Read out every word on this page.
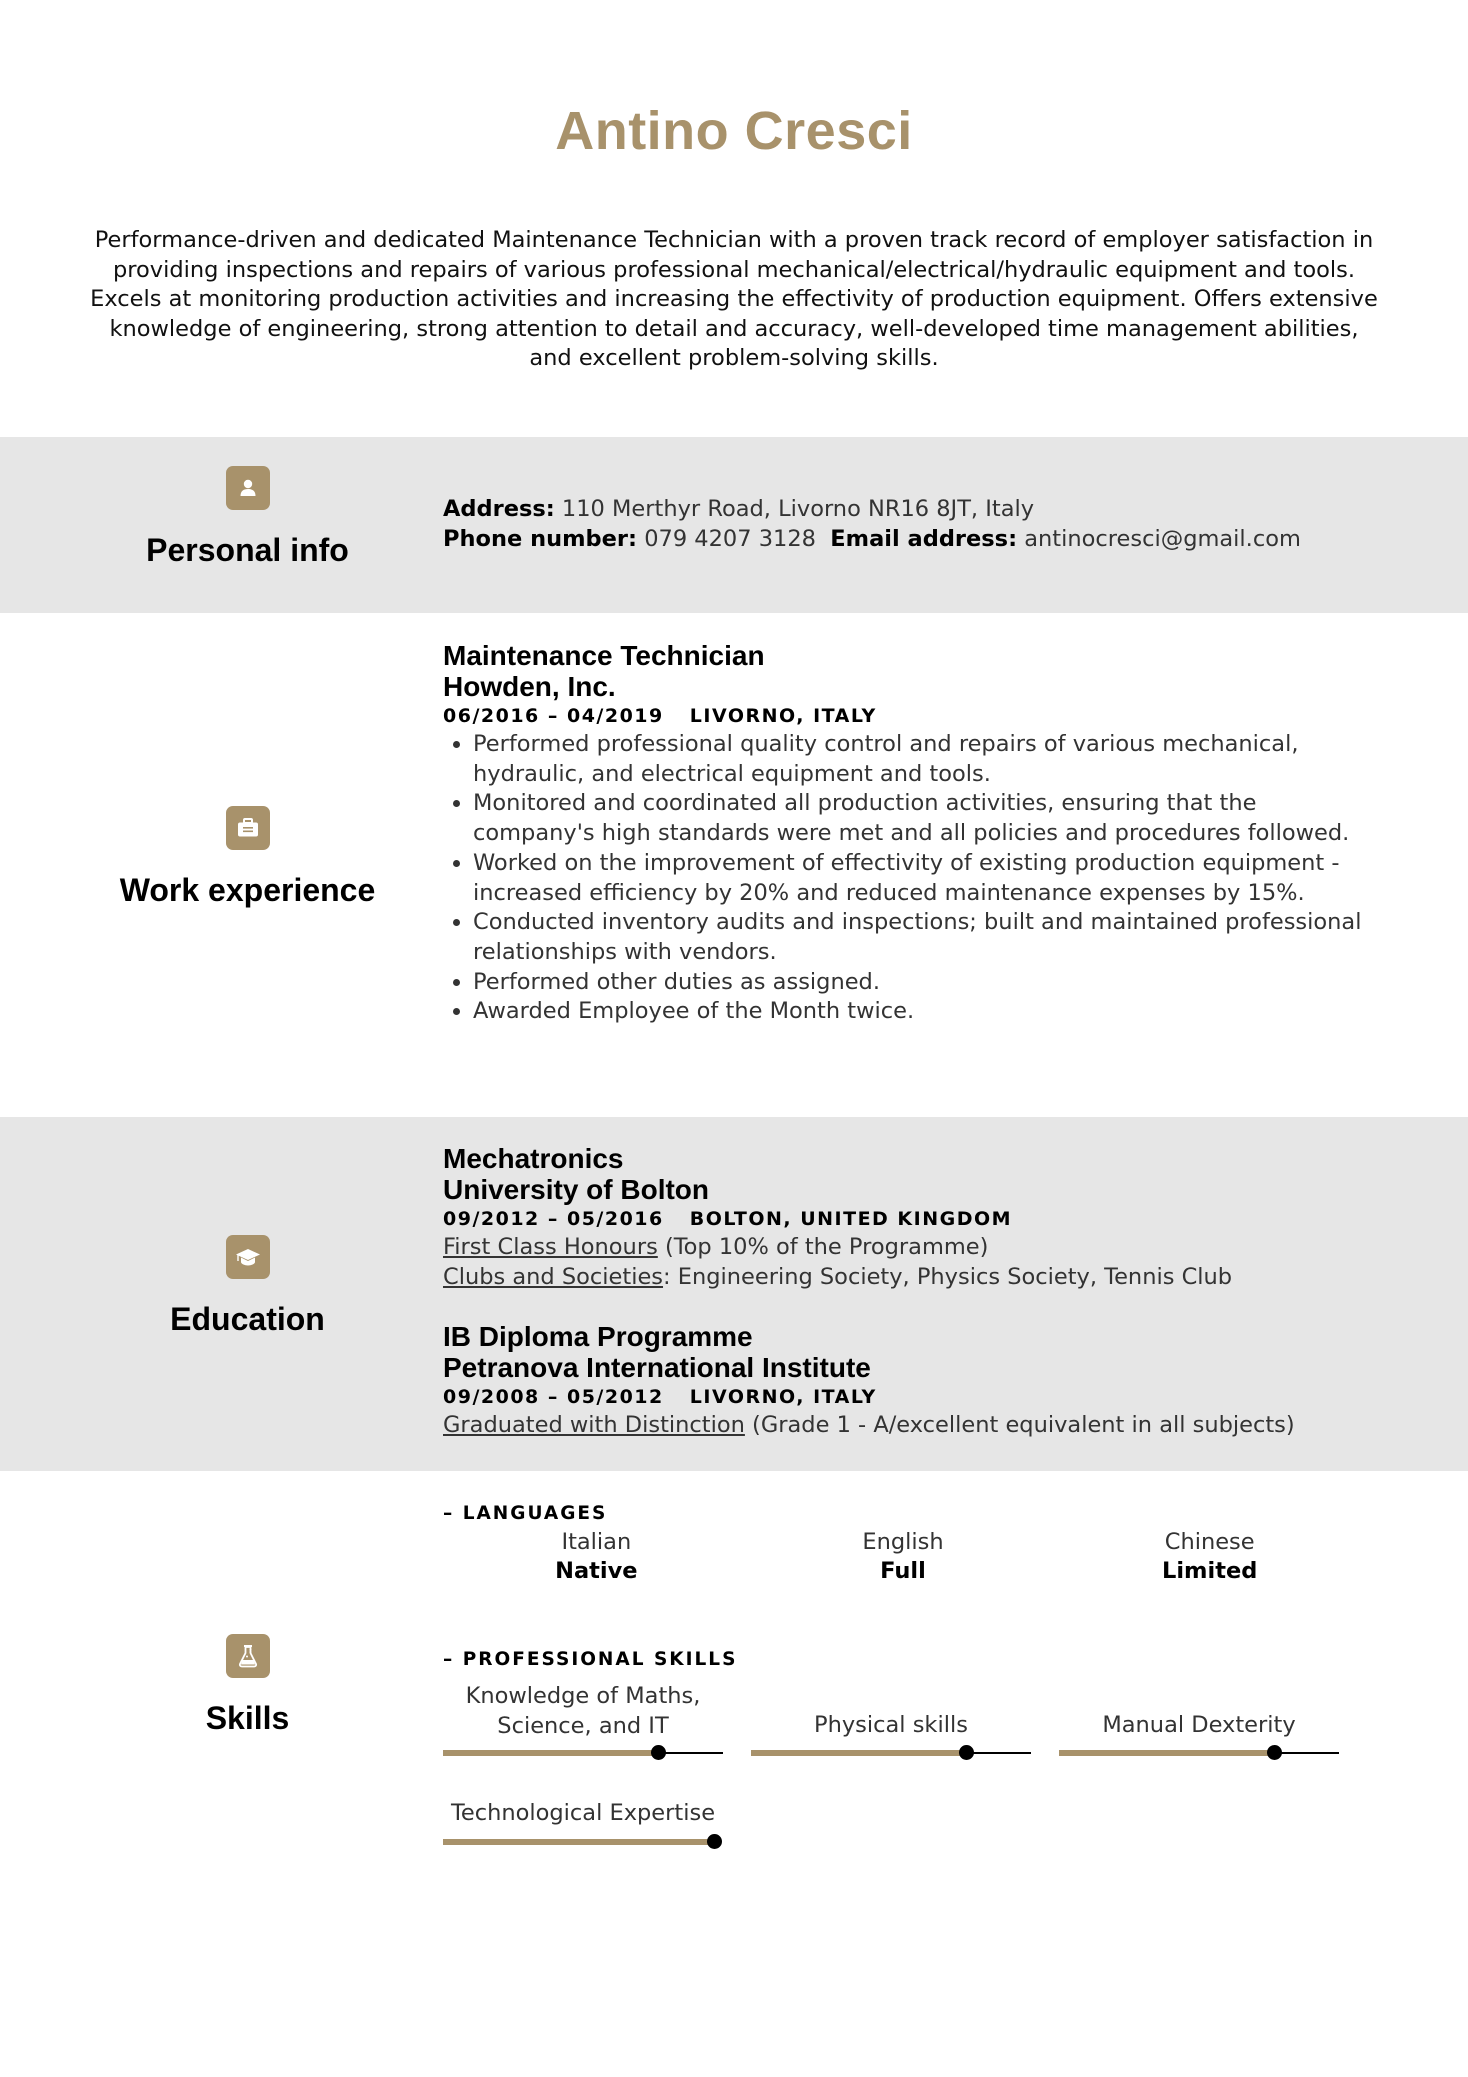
Antino Cresci
Performance-driven and dedicated Maintenance Technician with a proven track record of employer satisfaction in providing inspections and repairs of various professional mechanical/electrical/hydraulic equipment and tools. Excels at monitoring production activities and increasing the effectivity of production equipment. Offers extensive knowledge of engineering, strong attention to detail and accuracy, well-developed time management abilities, and excellent problem-solving skills.
Personal info
Address: 110 Merthyr Road, Livorno NR16 8JT, Italy
Phone number: 079 4207 3128 Email address: antinocresci@gmail.com
Work experience
Maintenance Technician
Howden, Inc.
06/2016 – 04/2019 LIVORNO, ITALY
• Performed professional quality control and repairs of various mechanical, hydraulic, and electrical equipment and tools.
• Monitored and coordinated all production activities, ensuring that the company's high standards were met and all policies and procedures followed.
• Worked on the improvement of effectivity of existing production equipment - increased efficiency by 20% and reduced maintenance expenses by 15%.
• Conducted inventory audits and inspections; built and maintained professional relationships with vendors.
• Performed other duties as assigned.
• Awarded Employee of the Month twice.
Education
Mechatronics
University of Bolton
09/2012 – 05/2016 BOLTON, UNITED KINGDOM
First Class Honours (Top 10% of the Programme)
Clubs and Societies: Engineering Society, Physics Society, Tennis Club
IB Diploma Programme
Petranova International Institute
09/2008 – 05/2012 LIVORNO, ITALY
Graduated with Distinction (Grade 1 - A/excellent equivalent in all subjects)
Skills
– LANGUAGES
Italian
Native
English
Full
Chinese
Limited
– PROFESSIONAL SKILLS
Knowledge of Maths,
Science, and IT	Physical skills	Manual Dexterity
Technological Expertise
